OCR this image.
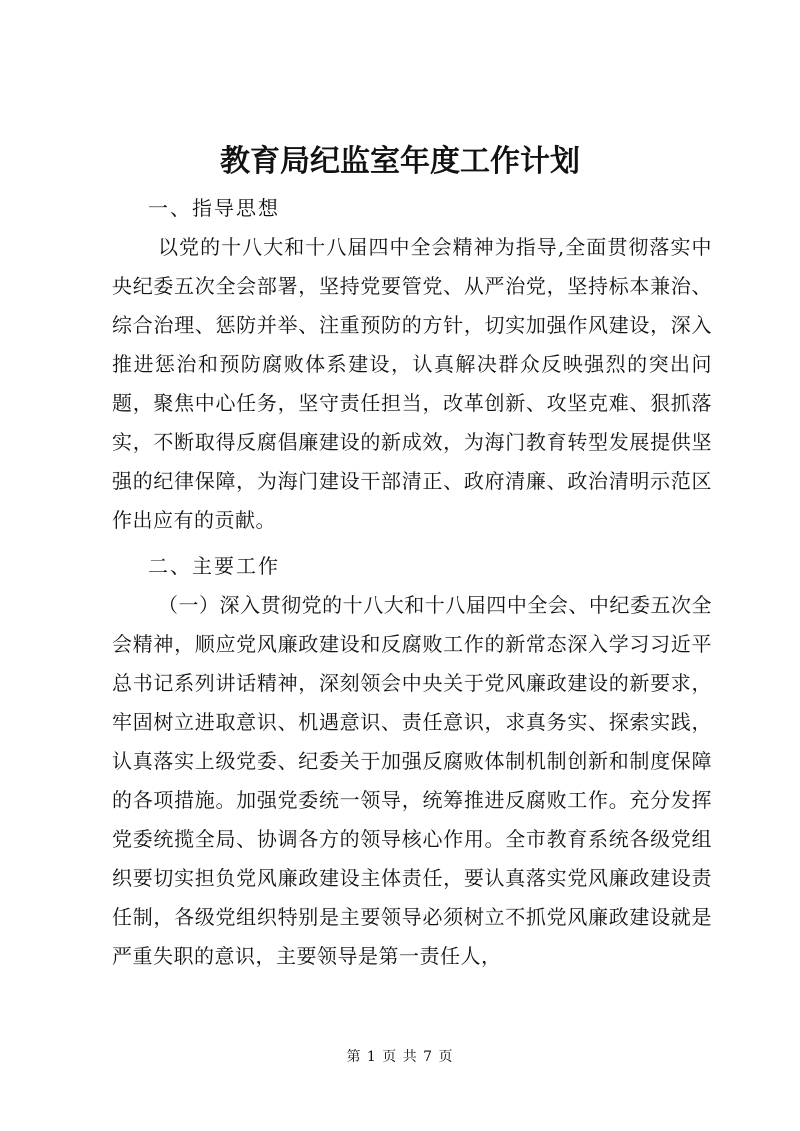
教育局纪监室年度工作计划
一、指导思想

以党的十八大和十八届四中全会精神为指导,全面贯彻落实中央纪委五次全会部署，坚持党要管党、从严治党，坚持标本兼治、综合治理、惩防并举、注重预防的方针，切实加强作风建设，深入推进惩治和预防腐败体系建设，认真解决群众反映强烈的突出问题，聚焦中心任务，坚守责任担当，改革创新、攻坚克难、狠抓落实，不断取得反腐倡廉建设的新成效，为海门教育转型发展提供坚强的纪律保障，为海门建设干部清正、政府清廉、政治清明示范区作出应有的贡献。

二、主要工作

（一）深入贯彻党的十八大和十八届四中全会、中纪委五次全会精神，顺应党风廉政建设和反腐败工作的新常态深入学习习近平总书记系列讲话精神，深刻领会中央关于党风廉政建设的新要求，牢固树立进取意识、机遇意识、责任意识，求真务实、探索实践，认真落实上级党委、纪委关于加强反腐败体制机制创新和制度保障的各项措施。加强党委统一领导，统筹推进反腐败工作。充分发挥党委统揽全局、协调各方的领导核心作用。全市教育系统各级党组织要切实担负党风廉政建设主体责任，要认真落实党风廉政建设责任制，各级党组织特别是主要领导必须树立不抓党风廉政建设就是严重失职的意识，主要领导是第一责任人，

第 1 页 共 7 页
